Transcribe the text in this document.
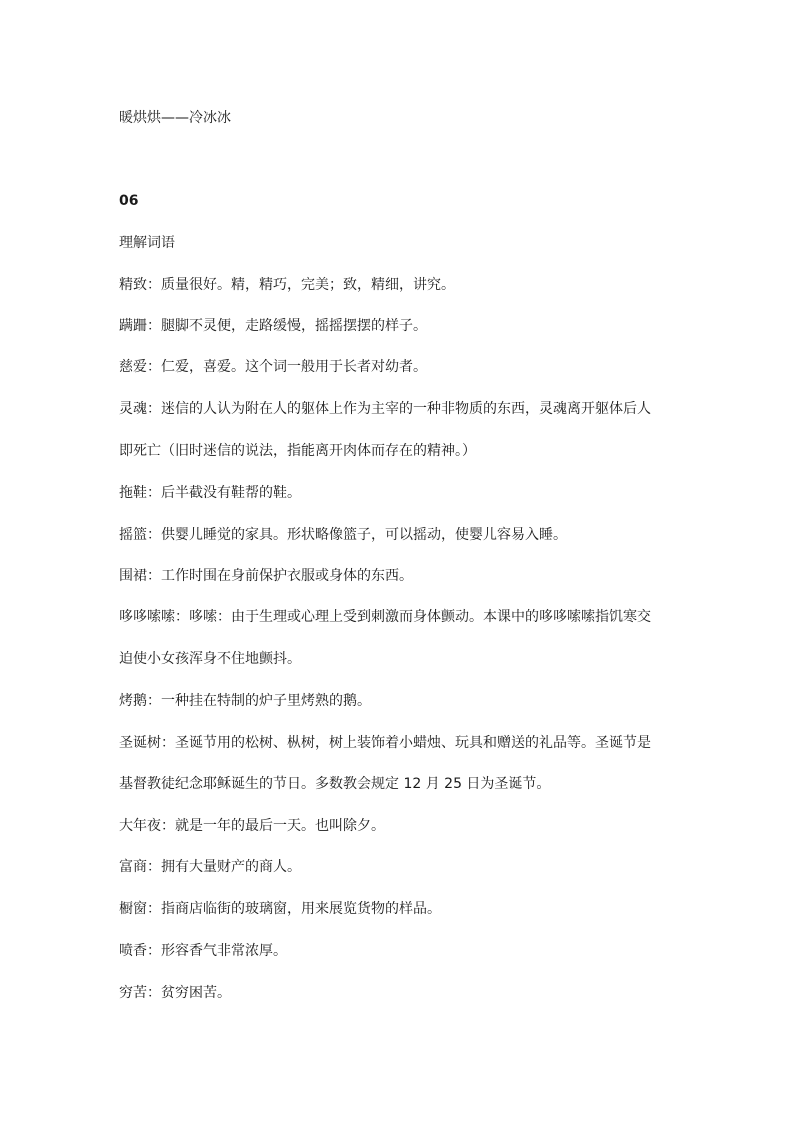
暖烘烘——冷冰冰
06
理解词语
精致：质量很好。精，精巧，完美；致，精细，讲究。
蹒跚：腿脚不灵便，走路缓慢，摇摇摆摆的样子。
慈爱：仁爱，喜爱。这个词一般用于长者对幼者。
灵魂：迷信的人认为附在人的躯体上作为主宰的一种非物质的东西，灵魂离开躯体后人
即死亡（旧时迷信的说法，指能离开肉体而存在的精神。）
拖鞋：后半截没有鞋帮的鞋。
摇篮：供婴儿睡觉的家具。形状略像篮子，可以摇动，使婴儿容易入睡。
围裙：工作时围在身前保护衣服或身体的东西。
哆哆嗦嗦：哆嗦：由于生理或心理上受到刺激而身体颤动。本课中的哆哆嗦嗦指饥寒交
迫使小女孩浑身不住地颤抖。
烤鹅：一种挂在特制的炉子里烤熟的鹅。
圣诞树：圣诞节用的松树、枞树，树上装饰着小蜡烛、玩具和赠送的礼品等。圣诞节是
基督教徒纪念耶稣诞生的节日。多数教会规定 12 月 25 日为圣诞节。
大年夜：就是一年的最后一天。也叫除夕。
富商：拥有大量财产的商人。
橱窗：指商店临街的玻璃窗，用来展览货物的样品。
喷香：形容香气非常浓厚。
穷苦：贫穷困苦。
